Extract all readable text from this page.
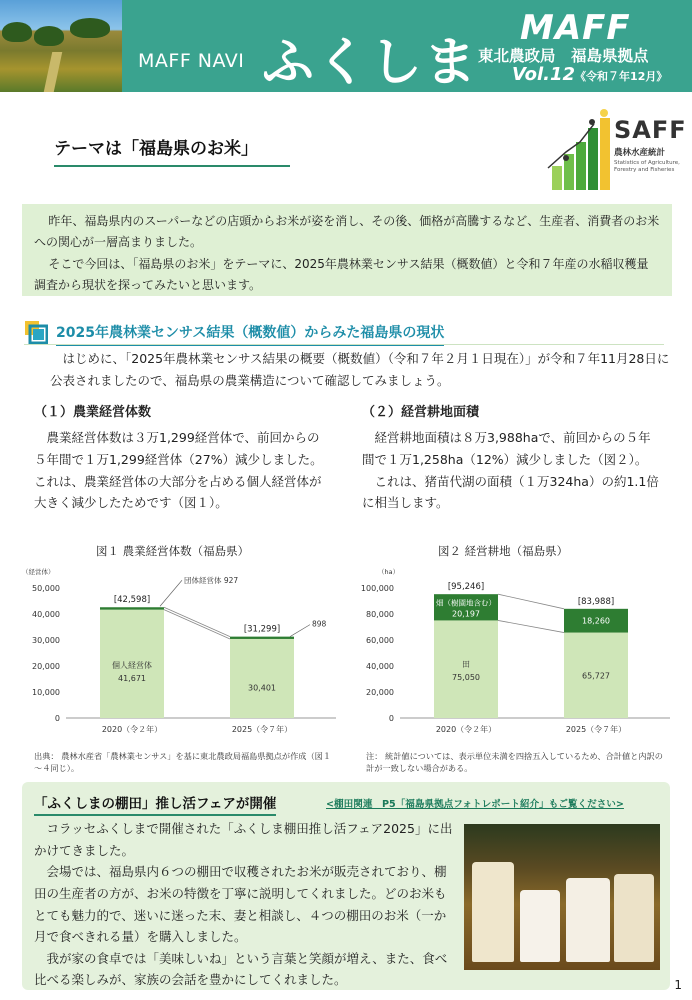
MAFF NAVI ふくしま
MAFF
東北農政局　福島県拠点
Vol.12《令和７年12月》
テーマは「福島県のお米」
SAFF
農林水産統計
Statistics of Agriculture, Forestry and Fisheries

昨年、福島県内のスーパーなどの店頭からお米が姿を消し、その後、価格が高騰するなど、生産者、消費者のお米への関心が一層高まりました。

そこで今回は、「福島県のお米」をテーマに、2025年農林業センサス結果（概数値）と令和７年産の水稲収穫量調査から現状を探ってみたいと思います。

2025年農林業センサス結果（概数値）からみた福島県の現状
はじめに、「2025年農林業センサス結果の概要（概数値）（令和７年２月１日現在）」が令和７年11月28日に公表されましたので、福島県の農業構造について確認してみましょう。
（１）農業経営体数

農業経営体数は３万1,299経営体で、前回からの５年間で１万1,299経営体（27%）減少しました。これは、農業経営体の大部分を占める個人経営体が大きく減少したためです（図１）。

（２）経営耕地面積

経営耕地面積は８万3,988haで、前回からの５年間で１万1,258ha（12%）減少しました（図２）。

これは、猪苗代湖の面積（１万324ha）の約1.1倍に相当します。

図１ 農業経営体数（福島県）
（経営体）
0
10,000
20,000
30,000
40,000
50,000
2020（令２年）
[42,598]
個人経営体
41,671
2025（令７年）
[31,299]
30,401
団体経営体 927
898
図２ 経営耕地（福島県）
（ha）
0
20,000
40,000
60,000
80,000
100,000
2020（令２年）
[95,246]
畑（樹園地含む）
20,197
田
75,050
2025（令７年）
[83,988]
18,260
65,727
出典： 農林水産省「農林業センサス」を基に東北農政局福島県拠点が作成（図１～４同じ）。
注： 統計値については、表示単位未満を四捨五入しているため、合計値と内訳の計が一致しない場合がある。
「ふくしまの棚田」推し活フェアが開催	<棚田関連　P5「福島県拠点フォトレポート紹介」もご覧ください>

コラッセふくしまで開催された「ふくしま棚田推し活フェア2025」に出かけてきました。

会場では、福島県内６つの棚田で収穫されたお米が販売されており、棚田の生産者の方が、お米の特徴を丁寧に説明してくれました。どのお米もとても魅力的で、迷いに迷った末、妻と相談し、４つの棚田のお米（一か月で食べきれる量）を購入しました。

我が家の食卓では「美味しいね」という言葉と笑顔が増え、また、食べ比べる楽しみが、家族の会話を豊かにしてくれました。	1
